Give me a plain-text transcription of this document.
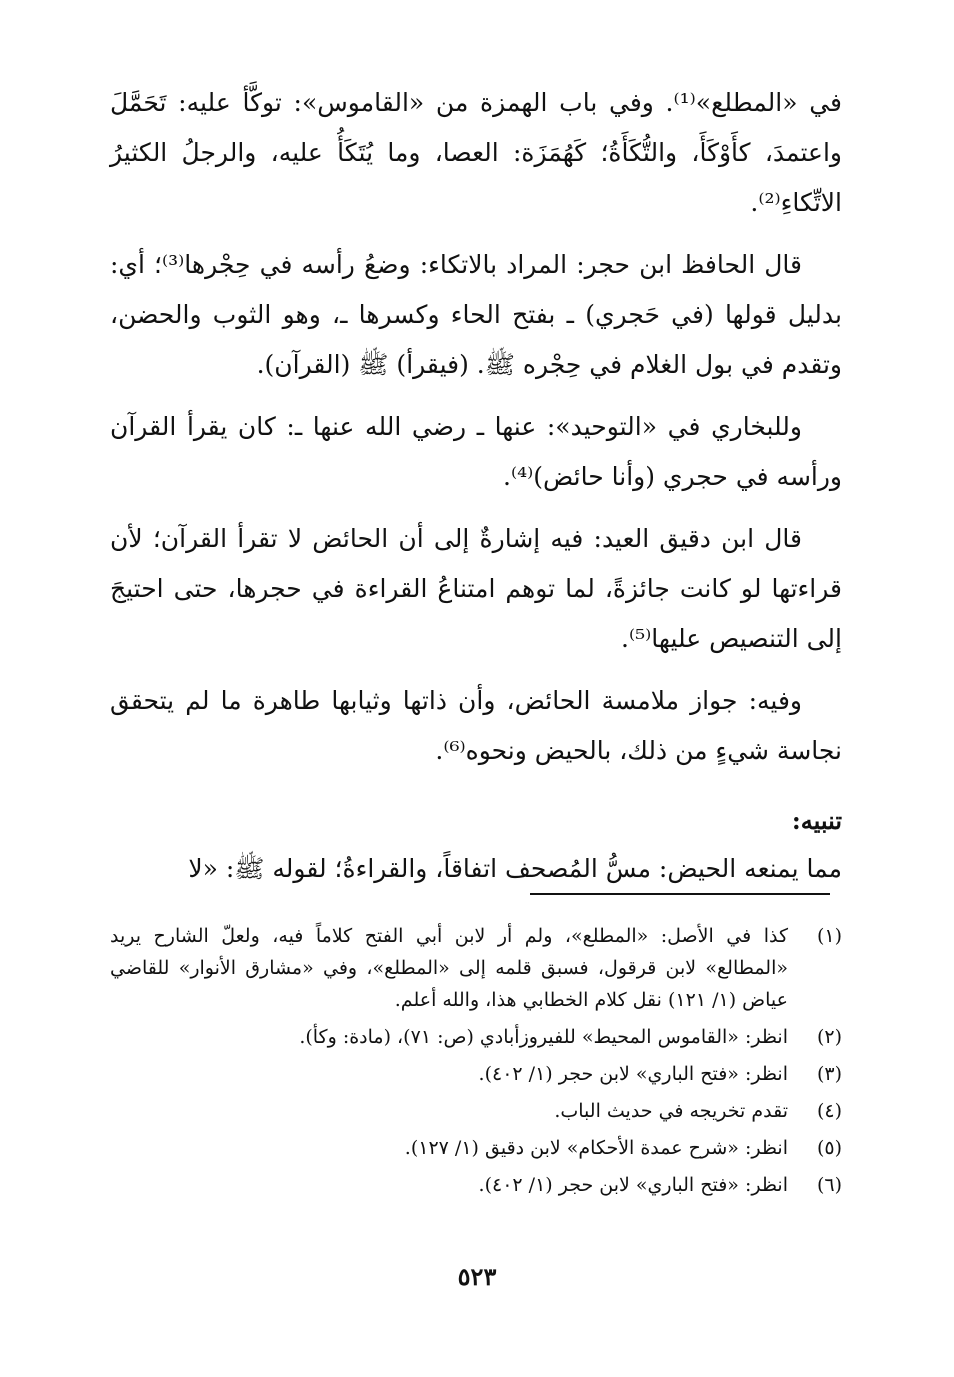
في «المطلع»⁽¹⁾. وفي باب الهمزة من «القاموس»: توكَّأ عليه: تَحَمَّلَ واعتمدَ، كأَوْكَأَ، والتُّكَأَةُ؛ كَهُمَزَة: العصا، وما يُتَكَأُ عليه، والرجلُ الكثيرُ الاتِّكاءِ⁽²⁾.

قال الحافظ ابن حجر: المراد بالاتكاء: وضعُ رأسه في حِجْرها⁽³⁾؛ أي: بدليل قولها (في حَجري) ـ بفتح الحاء وكسرها ـ، وهو الثوب والحضن، وتقدم في بول الغلام في حِجْره ﷺ. (فيقرأ) ﷺ (القرآن).

وللبخاري في «التوحيد»: عنها ـ رضي الله عنها ـ: كان يقرأ القرآن ورأسه في حجري (وأنا حائض)⁽⁴⁾.

قال ابن دقيق العيد: فيه إشارةٌ إلى أن الحائض لا تقرأ القرآن؛ لأن قراءتها لو كانت جائزةً، لما توهم امتناعُ القراءة في حجرها، حتى احتيجَ إلى التنصيص عليها⁽⁵⁾.

وفيه: جواز ملامسة الحائض، وأن ذاتها وثيابها طاهرة ما لم يتحقق نجاسة شيءٍ من ذلك، بالحيض ونحوه⁽⁶⁾.

تنبيه:

مما يمنعه الحيض: مسُّ المُصحف اتفاقاً، والقراءةُ؛ لقوله ﷺ: «لا

(١)
كذا في الأصل: «المطلع»، ولم أر لابن أبي الفتح كلاماً فيه، ولعلّ الشارح يريد «المطالع» لابن قرقول، فسبق قلمه إلى «المطلع»، وفي «مشارق الأنوار» للقاضي عياض (١/ ١٢١) نقل كلام الخطابي هذا، والله أعلم.
(٢)
انظر: «القاموس المحيط» للفيروزأبادي (ص: ٧١)، (مادة: وكأ).
(٣)
انظر: «فتح الباري» لابن حجر (١/ ٤٠٢).
(٤)
تقدم تخريجه في حديث الباب.
(٥)
انظر: «شرح عمدة الأحكام» لابن دقيق (١/ ١٢٧).
(٦)
انظر: «فتح الباري» لابن حجر (١/ ٤٠٢).
٥٢٣
